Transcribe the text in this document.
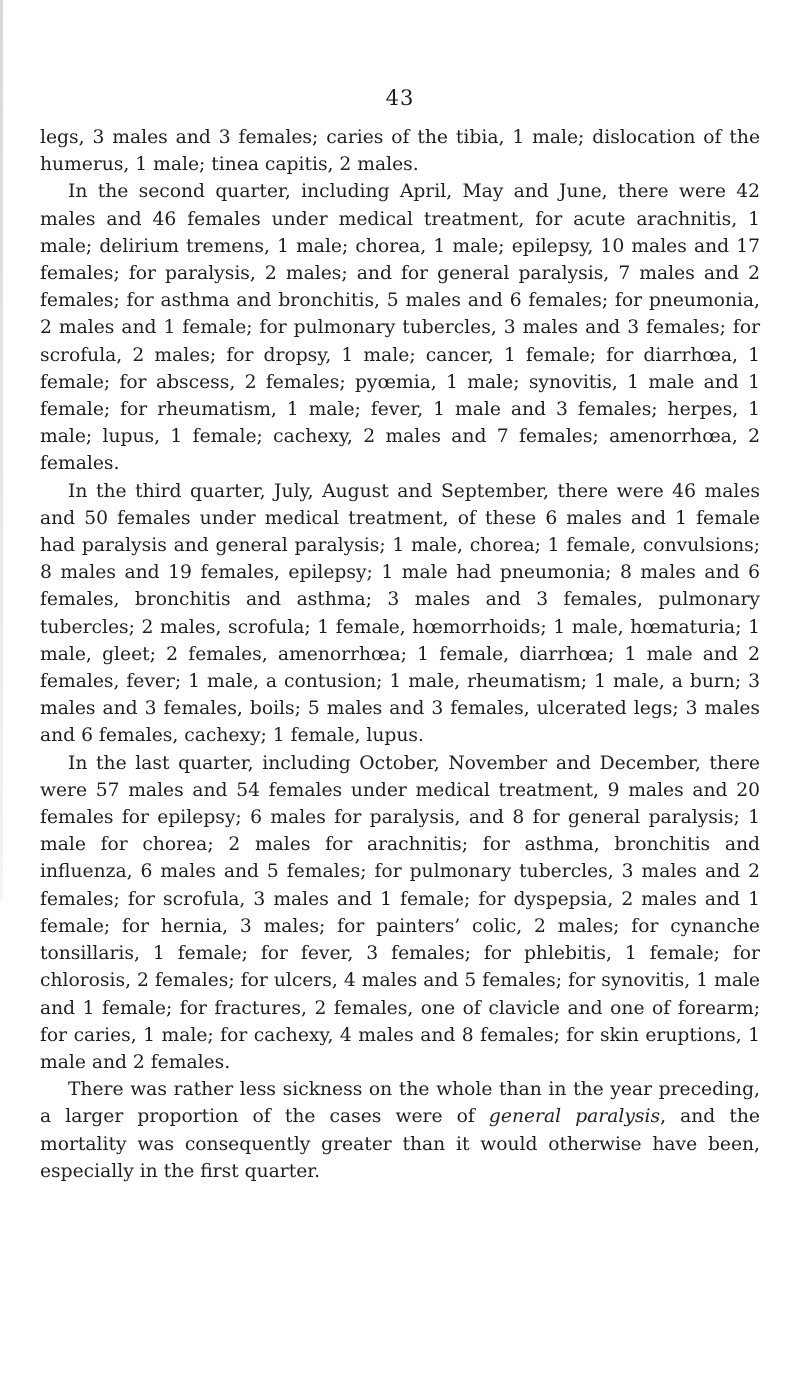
43

legs, 3 males and 3 females; caries of the tibia, 1 male; dislocation of the humerus, 1 male; tinea capitis, 2 males.

In the second quarter, including April, May and June, there were 42 males and 46 females under medical treatment, for acute arachnitis, 1 male; delirium tremens, 1 male; chorea, 1 male; epilepsy, 10 males and 17 females; for paralysis, 2 males; and for general paralysis, 7 males and 2 females; for asthma and bronchitis, 5 males and 6 females; for pneumonia, 2 males and 1 female; for pulmonary tubercles, 3 males and 3 females; for scrofula, 2 males; for dropsy, 1 male; cancer, 1 female; for diarrhœa, 1 female; for abscess, 2 females; pyœmia, 1 male; synovitis, 1 male and 1 female; for rheumatism, 1 male; fever, 1 male and 3 females; herpes, 1 male; lupus, 1 female; cachexy, 2 males and 7 females; amenorrhœa, 2 females.

In the third quarter, July, August and September, there were 46 males and 50 females under medical treatment, of these 6 males and 1 female had paralysis and general paralysis; 1 male, chorea; 1 female, convulsions; 8 males and 19 females, epilepsy; 1 male had pneumonia; 8 males and 6 females, bronchitis and asthma; 3 males and 3 females, pulmonary tubercles; 2 males, scrofula; 1 female, hœmorrhoids; 1 male, hœmaturia; 1 male, gleet; 2 females, amenorrhœa; 1 female, diarrhœa; 1 male and 2 females, fever; 1 male, a contusion; 1 male, rheumatism; 1 male, a burn; 3 males and 3 females, boils; 5 males and 3 females, ulcerated legs; 3 males and 6 females, cachexy; 1 female, lupus.

In the last quarter, including October, November and December, there were 57 males and 54 females under medical treatment, 9 males and 20 females for epilepsy; 6 males for paralysis, and 8 for general paralysis; 1 male for chorea; 2 males for arachnitis; for asthma, bronchitis and influenza, 6 males and 5 females; for pulmonary tubercles, 3 males and 2 females; for scrofula, 3 males and 1 female; for dyspepsia, 2 males and 1 female; for hernia, 3 males; for painters’ colic, 2 males; for cynanche tonsillaris, 1 female; for fever, 3 females; for phlebitis, 1 female; for chlorosis, 2 females; for ulcers, 4 males and 5 females; for synovitis, 1 male and 1 female; for fractures, 2 females, one of clavicle and one of forearm; for caries, 1 male; for cachexy, 4 males and 8 females; for skin eruptions, 1 male and 2 females.

There was rather less sickness on the whole than in the year preceding, a larger proportion of the cases were of general paralysis, and the mortality was consequently greater than it would otherwise have been, especially in the first quarter.
